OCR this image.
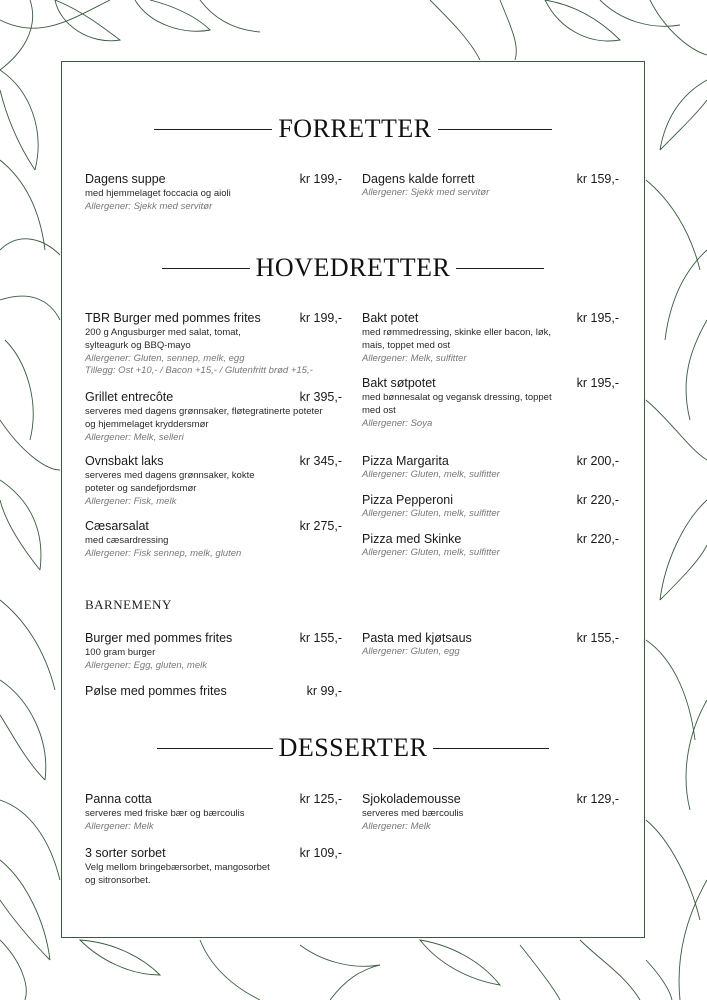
FORRETTER
Dagens suppe	kr 199,-
med hjemmelaget foccacia og aioli
Allergener: Sjekk med servitør
Dagens kalde forrett	kr 159,-
Allergener: Sjekk med servitør
HOVEDRETTER
TBR Burger med pommes frites	kr 199,-
200 g Angusburger med salat, tomat, sylteagurk og BBQ-mayo
Allergener: Gluten, sennep, melk, egg
Tillegg: Ost +10,- / Bacon +15,- / Glutenfritt brød +15,-
Grillet entrecôte	kr 395,-
serveres med dagens grønnsaker, fløtegratinerte poteter og hjemmelaget kryddersmør
Allergener: Melk, selleri
Ovnsbakt laks	kr 345,-
serveres med dagens grønnsaker, kokte poteter og sandefjordsmør
Allergener: Fisk, melk
Cæsarsalat	kr 275,-
med cæsardressing
Allergener: Fisk sennep, melk, gluten
Bakt potet	kr 195,-
med rømmedressing, skinke eller bacon, løk, mais, toppet med ost
Allergener: Melk, sulfitter
Bakt søtpotet	kr 195,-
med bønnesalat og vegansk dressing, toppet med ost
Allergener: Soya
Pizza Margarita	kr 200,-
Allergener: Gluten, melk, sulfitter
Pizza Pepperoni	kr 220,-
Allergener: Gluten, melk, sulfitter
Pizza med Skinke	kr 220,-
Allergener: Gluten, melk, sulfitter
BARNEMENY
Burger med pommes frites	kr 155,-
100 gram burger
Allergener: Egg, gluten, melk
Pølse med pommes frites	kr 99,-
Pasta med kjøtsaus	kr 155,-
Allergener: Gluten, egg
DESSERTER
Panna cotta	kr 125,-
serveres med friske bær og bærcoulis
Allergener: Melk
3 sorter sorbet	kr 109,-
Velg mellom bringebærsorbet, mangosorbet og sitronsorbet.
Sjokolademousse	kr 129,-
serveres med bærcoulis
Allergener: Melk
